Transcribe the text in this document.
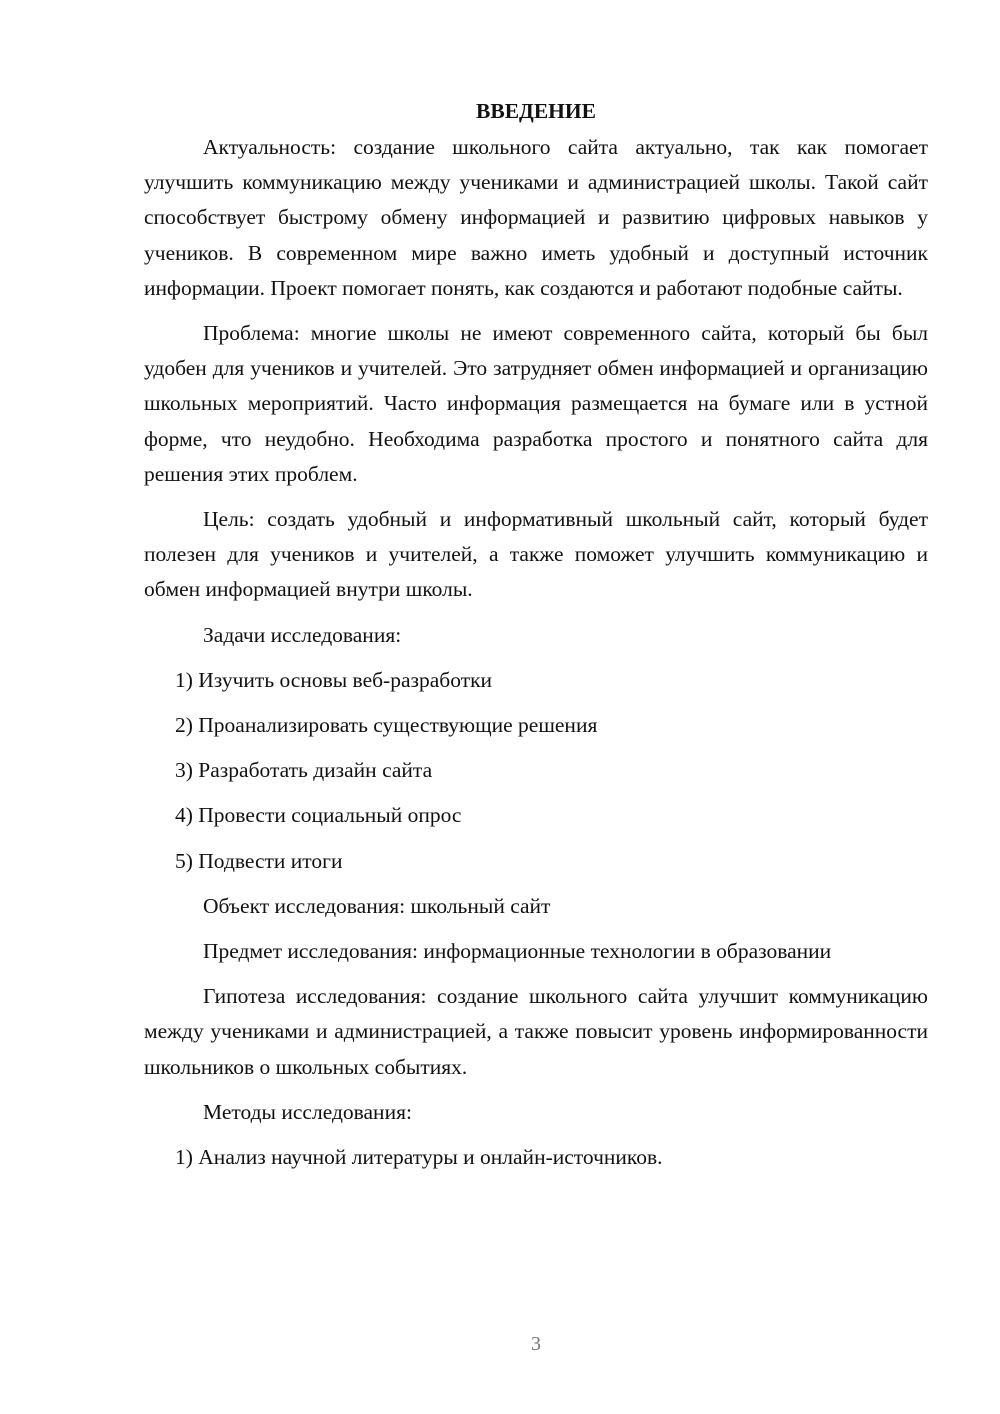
ВВЕДЕНИЕ

Актуальность: создание школьного сайта актуально, так как помогает улучшить коммуникацию между учениками и администрацией школы. Такой сайт способствует быстрому обмену информацией и развитию цифровых навыков у учеников. В современном мире важно иметь удобный и доступный источник информации. Проект помогает понять, как создаются и работают подобные сайты.

Проблема: многие школы не имеют современного сайта, который бы был удобен для учеников и учителей. Это затрудняет обмен информацией и организацию школьных мероприятий. Часто информация размещается на бумаге или в устной форме, что неудобно. Необходима разработка простого и понятного сайта для решения этих проблем.

Цель: создать удобный и информативный школьный сайт, который будет полезен для учеников и учителей, а также поможет улучшить коммуникацию и обмен информацией внутри школы.

Задачи исследования:
1) Изучить основы веб-разработки
2) Проанализировать существующие решения
3) Разработать дизайн сайта
4) Провести социальный опрос
5) Подвести итоги
Объект исследования: школьный сайт

Предмет исследования: информационные технологии в образовании

Гипотеза исследования: создание школьного сайта улучшит коммуникацию между учениками и администрацией, а также повысит уровень информированности школьников о школьных событиях.

Методы исследования:
1) Анализ научной литературы и онлайн-источников.
3
